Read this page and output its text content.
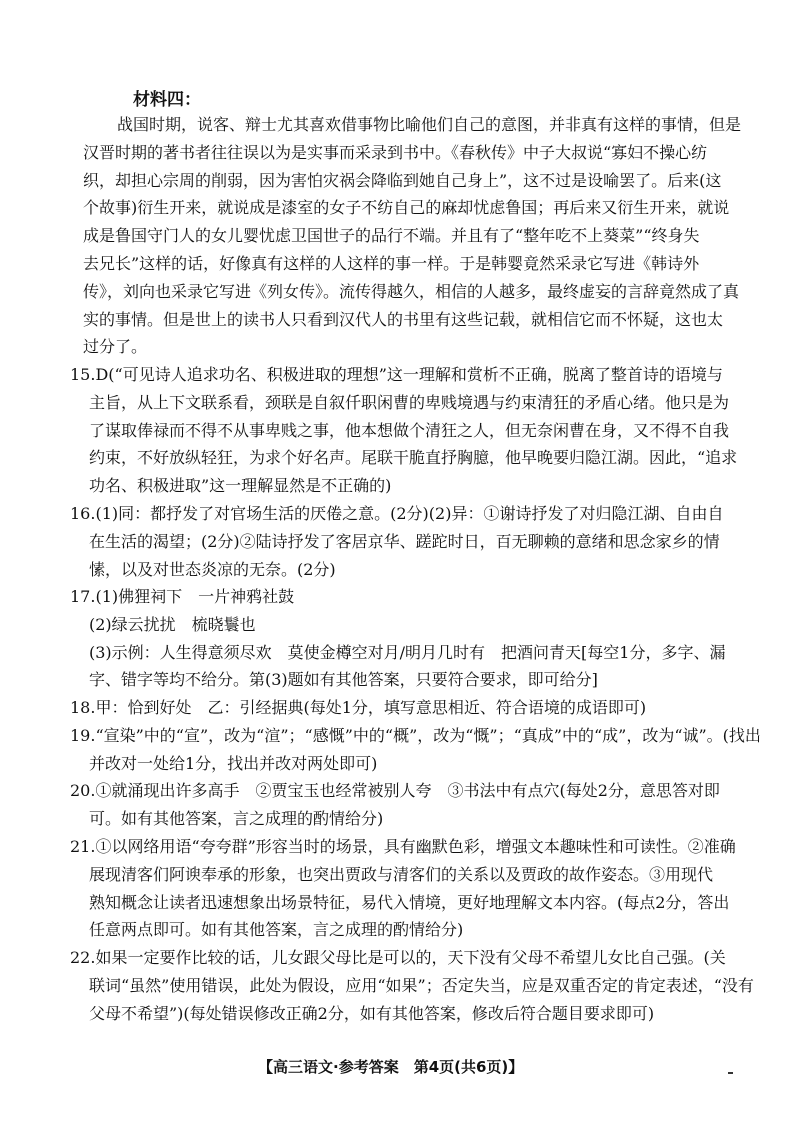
材料四：
战国时期，说客、辩士尤其喜欢借事物比喻他们自己的意图，并非真有这样的事情，但是
汉晋时期的著书者往往误以为是实事而采录到书中。《春秋传》中子大叔说“寡妇不操心纺
织，却担心宗周的削弱，因为害怕灾祸会降临到她自己身上”，这不过是设喻罢了。后来(这
个故事)衍生开来，就说成是漆室的女子不纺自己的麻却忧虑鲁国；再后来又衍生开来，就说
成是鲁国守门人的女儿婴忧虑卫国世子的品行不端。并且有了“整年吃不上葵菜”“终身失
去兄长”这样的话，好像真有这样的人这样的事一样。于是韩婴竟然采录它写进《韩诗外
传》，刘向也采录它写进《列女传》。流传得越久，相信的人越多，最终虚妄的言辞竟然成了真
实的事情。但是世上的读书人只看到汉代人的书里有这些记载，就相信它而不怀疑，这也太
过分了。
15.D(“可见诗人追求功名、积极进取的理想”这一理解和赏析不正确，脱离了整首诗的语境与
主旨，从上下文联系看，颈联是自叙仟职闲曹的卑贱境遇与约束清狂的矛盾心绪。他只是为
了谋取俸禄而不得不从事卑贱之事，他本想做个清狂之人，但无奈闲曹在身，又不得不自我
约束，不好放纵轻狂，为求个好名声。尾联干脆直抒胸臆，他早晚要归隐江湖。因此，“追求
功名、积极进取”这一理解显然是不正确的)
16.(1)同：都抒发了对官场生活的厌倦之意。(2分)(2)异：①谢诗抒发了对归隐江湖、自由自
在生活的渴望；(2分)②陆诗抒发了客居京华、蹉跎时日，百无聊赖的意绪和思念家乡的情
愫，以及对世态炎凉的无奈。(2分)
17.(1)佛狸祠下　一片神鸦社鼓
(2)绿云扰扰　梳晓鬟也
(3)示例：人生得意须尽欢　莫使金樽空对月/明月几时有　把酒问青天[每空1分，多字、漏
字、错字等均不给分。第(3)题如有其他答案，只要符合要求，即可给分]
18.甲：恰到好处　乙：引经据典(每处1分，填写意思相近、符合语境的成语即可)
19.“宣染”中的“宣”，改为“渲”；“感慨”中的“概”，改为“慨”；“真成”中的“成”，改为“诚”。(找出
并改对一处给1分，找出并改对两处即可)
20.①就涌现出许多高手　②贾宝玉也经常被别人夸　③书法中有点穴(每处2分，意思答对即
可。如有其他答案，言之成理的酌情给分)
21.①以网络用语“夸夸群”形容当时的场景，具有幽默色彩，增强文本趣味性和可读性。②准确
展现清客们阿谀奉承的形象，也突出贾政与清客们的关系以及贾政的故作姿态。③用现代
熟知概念让读者迅速想象出场景特征，易代入情境，更好地理解文本内容。(每点2分，答出
任意两点即可。如有其他答案，言之成理的酌情给分)
22.如果一定要作比较的话，儿女跟父母比是可以的，天下没有父母不希望儿女比自己强。(关
联词“虽然”使用错误，此处为假设，应用“如果”；否定失当，应是双重否定的肯定表述，“没有
父母不希望”)(每处错误修改正确2分，如有其他答案，修改后符合题目要求即可)
【高三语文·参考答案　第4页(共6页)】
